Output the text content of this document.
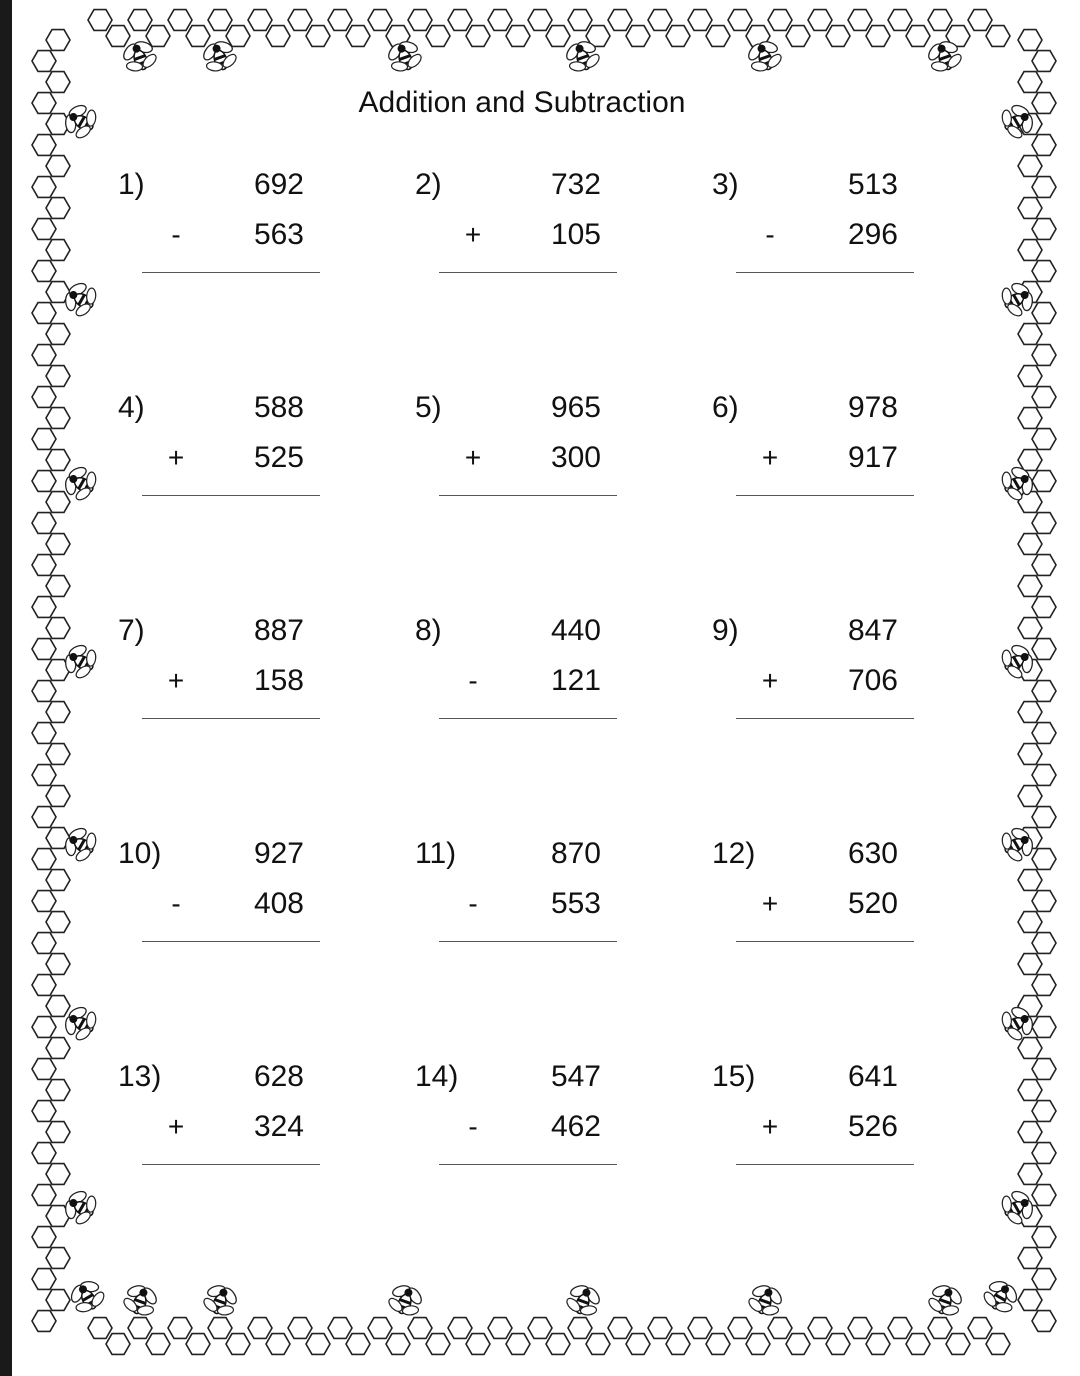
Addition and Subtraction
1)	692
- 563
2)	732
+ 105
3)	513
- 296
4)	588
+ 525
5)	965
+ 300
6)	978
+ 917
7)	887
+ 158
8)	440
- 121
9)	847
+ 706
10)	927
- 408
11)	870
- 553
12)	630
+ 520
13)	628
+ 324
14)	547
- 462
15)	641
+ 526
